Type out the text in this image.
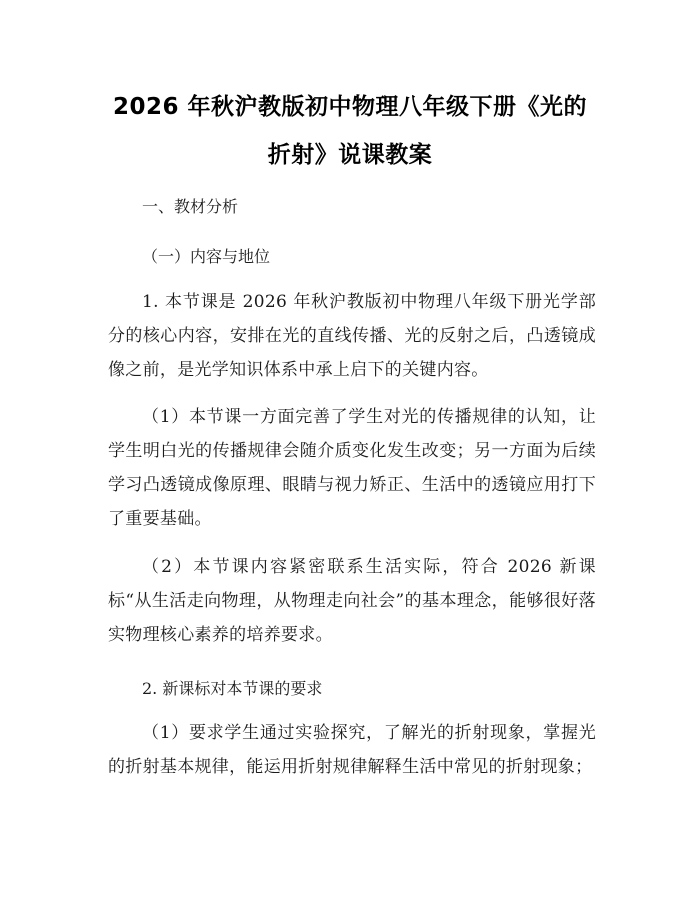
2026 年秋沪教版初中物理八年级下册《光的
折射》说课教案
一、教材分析
（一）内容与地位
1. 本节课是 2026 年秋沪教版初中物理八年级下册光学部分的核心内容，安排在光的直线传播、光的反射之后，凸透镜成像之前，是光学知识体系中承上启下的关键内容。
（1）本节课一方面完善了学生对光的传播规律的认知，让学生明白光的传播规律会随介质变化发生改变；另一方面为后续学习凸透镜成像原理、眼睛与视力矫正、生活中的透镜应用打下了重要基础。
（2）本节课内容紧密联系生活实际，符合 2026 新课标“从生活走向物理，从物理走向社会”的基本理念，能够很好落实物理核心素养的培养要求。
2. 新课标对本节课的要求
（1）要求学生通过实验探究，了解光的折射现象，掌握光的折射基本规律，能运用折射规律解释生活中常见的折射现象；
